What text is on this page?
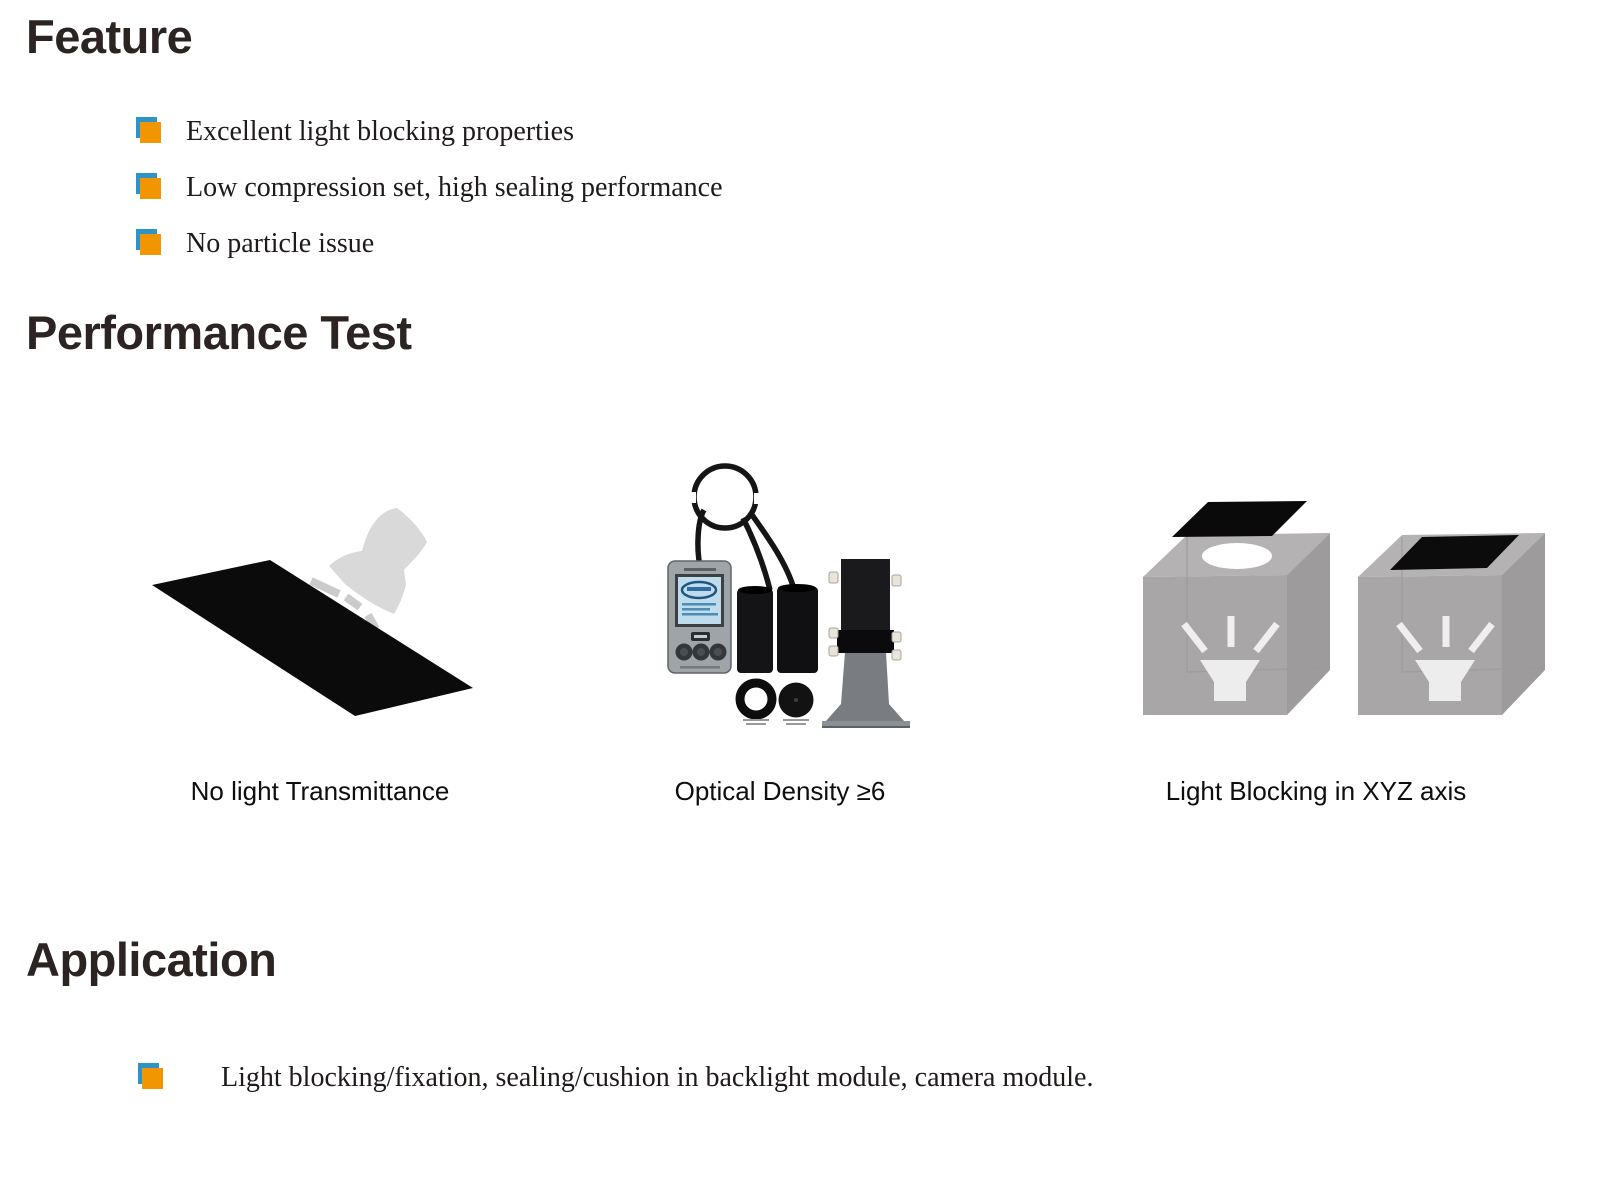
Feature
Excellent light blocking properties
Low compression set, high sealing performance
No particle issue
Performance Test
No light Transmittance	Optical Density ≥6	Light Blocking in XYZ axis
Application
Light blocking/fixation, sealing/cushion in backlight module, camera module.
